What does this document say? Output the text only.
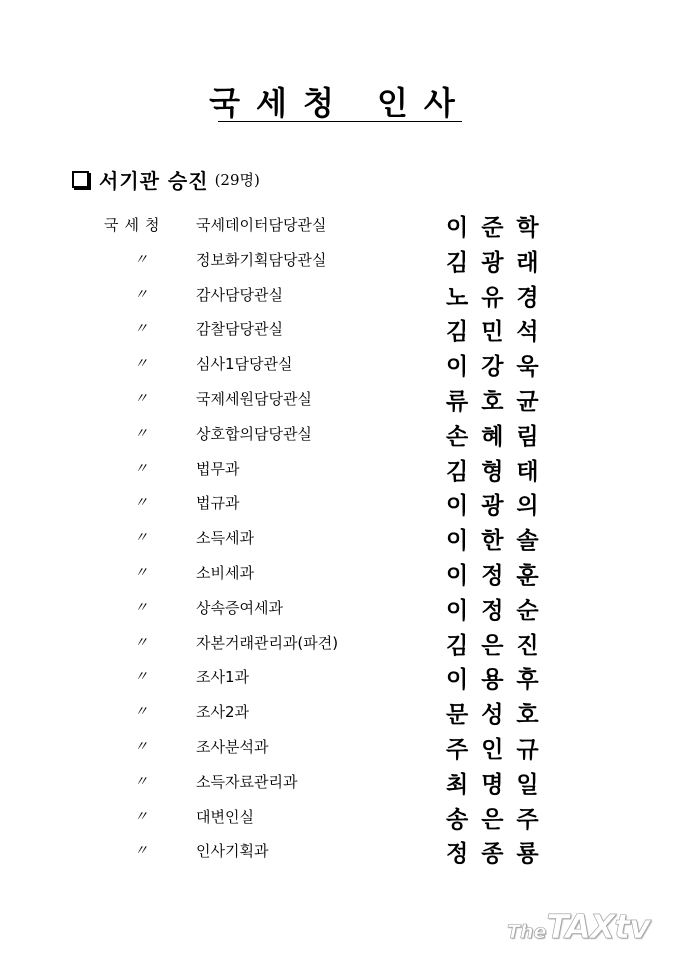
국세청 인사
서기관 승진 (29명)
국세청 국세데이터담당관실	이준학
〃	정보화기획담당관실	김광래
〃	감사담당관실	노유경
〃	감찰담당관실	김민석
〃	심사1담당관실	이강욱
〃	국제세원담당관실	류호균
〃	상호합의담당관실	손혜림
〃	법무과	김형태
〃	법규과	이광의
〃	소득세과	이한솔
〃	소비세과	이정훈
〃	상속증여세과	이정순
〃	자본거래관리과(파견)	김은진
〃	조사1과	이용후
〃	조사2과	문성호
〃	조사분석과	주인규
〃	소득자료관리과	최명일
〃	대변인실	송은주
〃	인사기획과	정종룡
TheTAXtv
